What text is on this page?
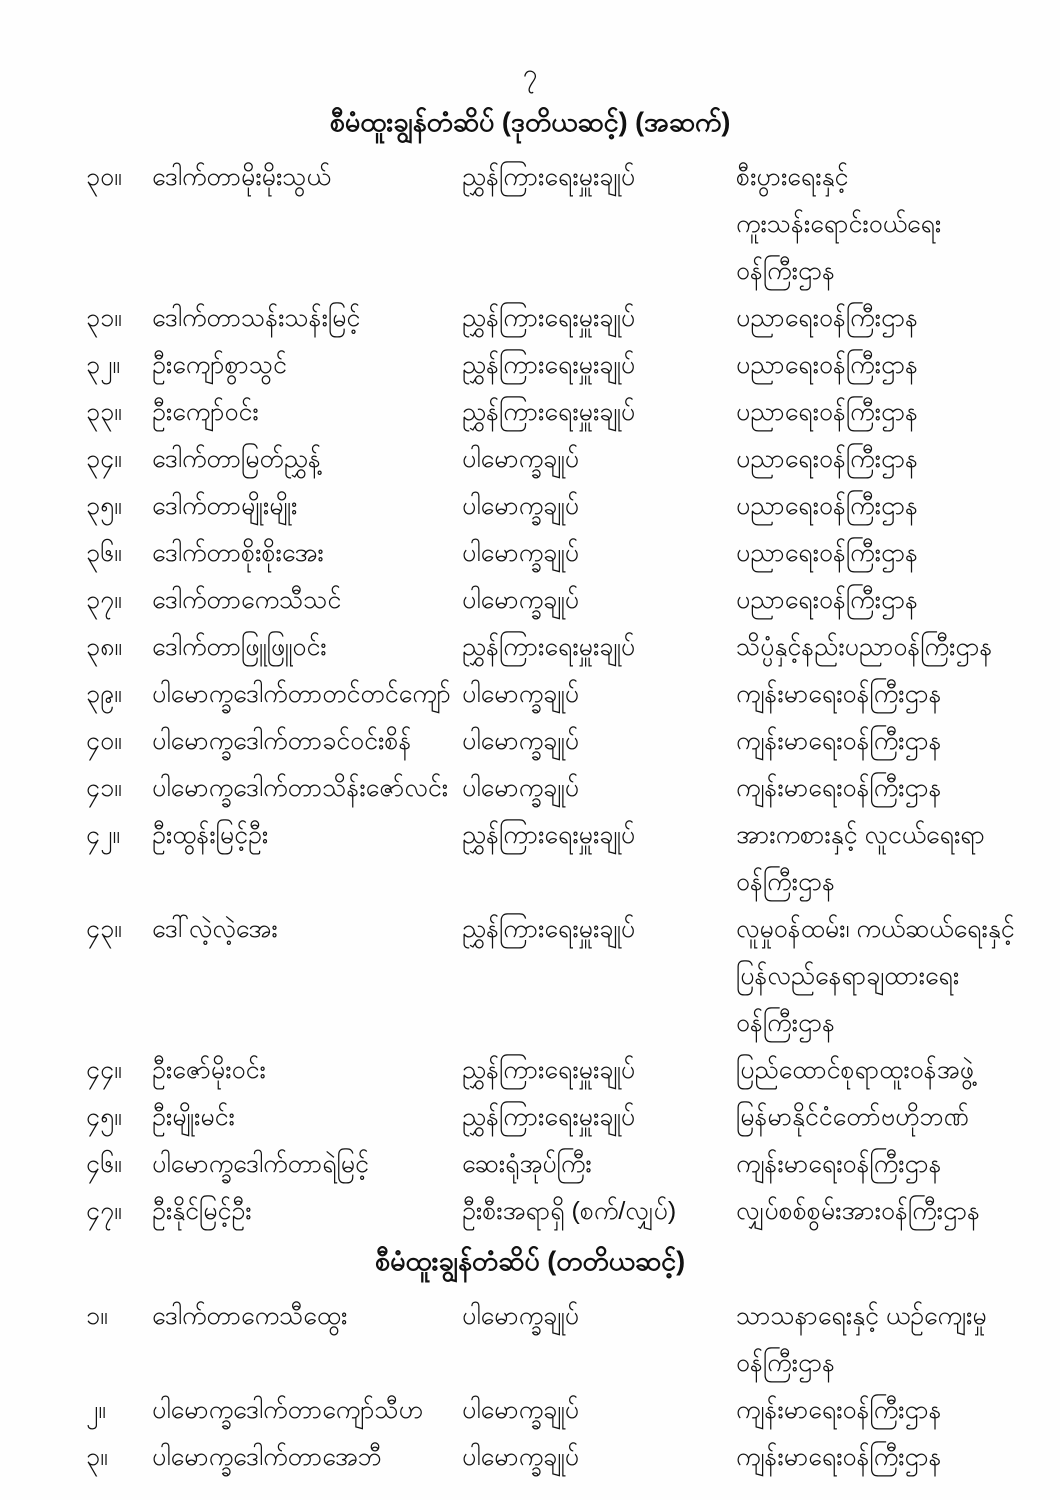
၇
စီမံထူးချွန်တံဆိပ် (ဒုတိယဆင့်) (အဆက်)
၃၀။	ဒေါက်တာမိုးမိုးသွယ်	ညွှန်ကြားရေးမှူးချုပ်	စီးပွားရေးနှင့် ကူးသန်းရောင်းဝယ်ရေး
ဝန်ကြီးဌာန
၃၁။	ဒေါက်တာသန်းသန်းမြင့်	ညွှန်ကြားရေးမှူးချုပ်	ပညာရေးဝန်ကြီးဌာန
၃၂။	ဦးကျော်စွာသွင်	ညွှန်ကြားရေးမှူးချုပ်	ပညာရေးဝန်ကြီးဌာန
၃၃။	ဦးကျော်ဝင်း	ညွှန်ကြားရေးမှူးချုပ်	ပညာရေးဝန်ကြီးဌာန
၃၄။	ဒေါက်တာမြတ်ညွှန့်	ပါမောက္ခချုပ်	ပညာရေးဝန်ကြီးဌာန
၃၅။	ဒေါက်တာမျိုးမျိုး	ပါမောက္ခချုပ်	ပညာရေးဝန်ကြီးဌာန
၃၆။	ဒေါက်တာစိုးစိုးအေး	ပါမောက္ခချုပ်	ပညာရေးဝန်ကြီးဌာန
၃၇။	ဒေါက်တာကေသီသင်	ပါမောက္ခချုပ်	ပညာရေးဝန်ကြီးဌာန
၃၈။	ဒေါက်တာဖြူဖြူဝင်း	ညွှန်ကြားရေးမှူးချုပ်	သိပ္ပံနှင့်နည်းပညာဝန်ကြီးဌာန
၃၉။	ပါမောက္ခဒေါက်တာတင်တင်ကျော် ပါမောက္ခချုပ်	ကျန်းမာရေးဝန်ကြီးဌာန
၄၀။	ပါမောက္ခဒေါက်တာခင်ဝင်းစိန်	ပါမောက္ခချုပ်	ကျန်းမာရေးဝန်ကြီးဌာန
၄၁။	ပါမောက္ခဒေါက်တာသိန်းဇော်လင်း ပါမောက္ခချုပ်	ကျန်းမာရေးဝန်ကြီးဌာန
၄၂။	ဦးထွန်းမြင့်ဦး	ညွှန်ကြားရေးမှူးချုပ်	အားကစားနှင့် လူငယ်ရေးရာ
ဝန်ကြီးဌာန
၄၃။	ဒေါ်လဲ့လဲ့အေး	ညွှန်ကြားရေးမှူးချုပ်	လူမှုဝန်ထမ်း၊ ကယ်ဆယ်ရေးနှင့်
ပြန်လည်နေရာချထားရေးဝန်ကြီးဌာန
၄၄။	ဦးဇော်မိုးဝင်း	ညွှန်ကြားရေးမှူးချုပ်	ပြည်ထောင်စုရာထူးဝန်အဖွဲ့
၄၅။	ဦးမျိုးမင်း	ညွှန်ကြားရေးမှူးချုပ်	မြန်မာနိုင်ငံတော်ဗဟိုဘဏ်
၄၆။	ပါမောက္ခဒေါက်တာရဲမြင့်	ဆေးရုံအုပ်ကြီး	ကျန်းမာရေးဝန်ကြီးဌာန
၄၇။	ဦးနိုင်မြင့်ဦး	ဦးစီးအရာရှိ (စက်/လျှပ်)	လျှပ်စစ်စွမ်းအားဝန်ကြီးဌာန
စီမံထူးချွန်တံဆိပ် (တတိယဆင့်)
၁။	ဒေါက်တာကေသီထွေး	ပါမောက္ခချုပ်	သာသနာရေးနှင့် ယဉ်ကျေးမှု
ဝန်ကြီးဌာန
၂။	ပါမောက္ခဒေါက်တာကျော်သီဟ	ပါမောက္ခချုပ်	ကျန်းမာရေးဝန်ကြီးဌာန
၃။	ပါမောက္ခဒေါက်တာအေဘီ	ပါမောက္ခချုပ်	ကျန်းမာရေးဝန်ကြီးဌာန
